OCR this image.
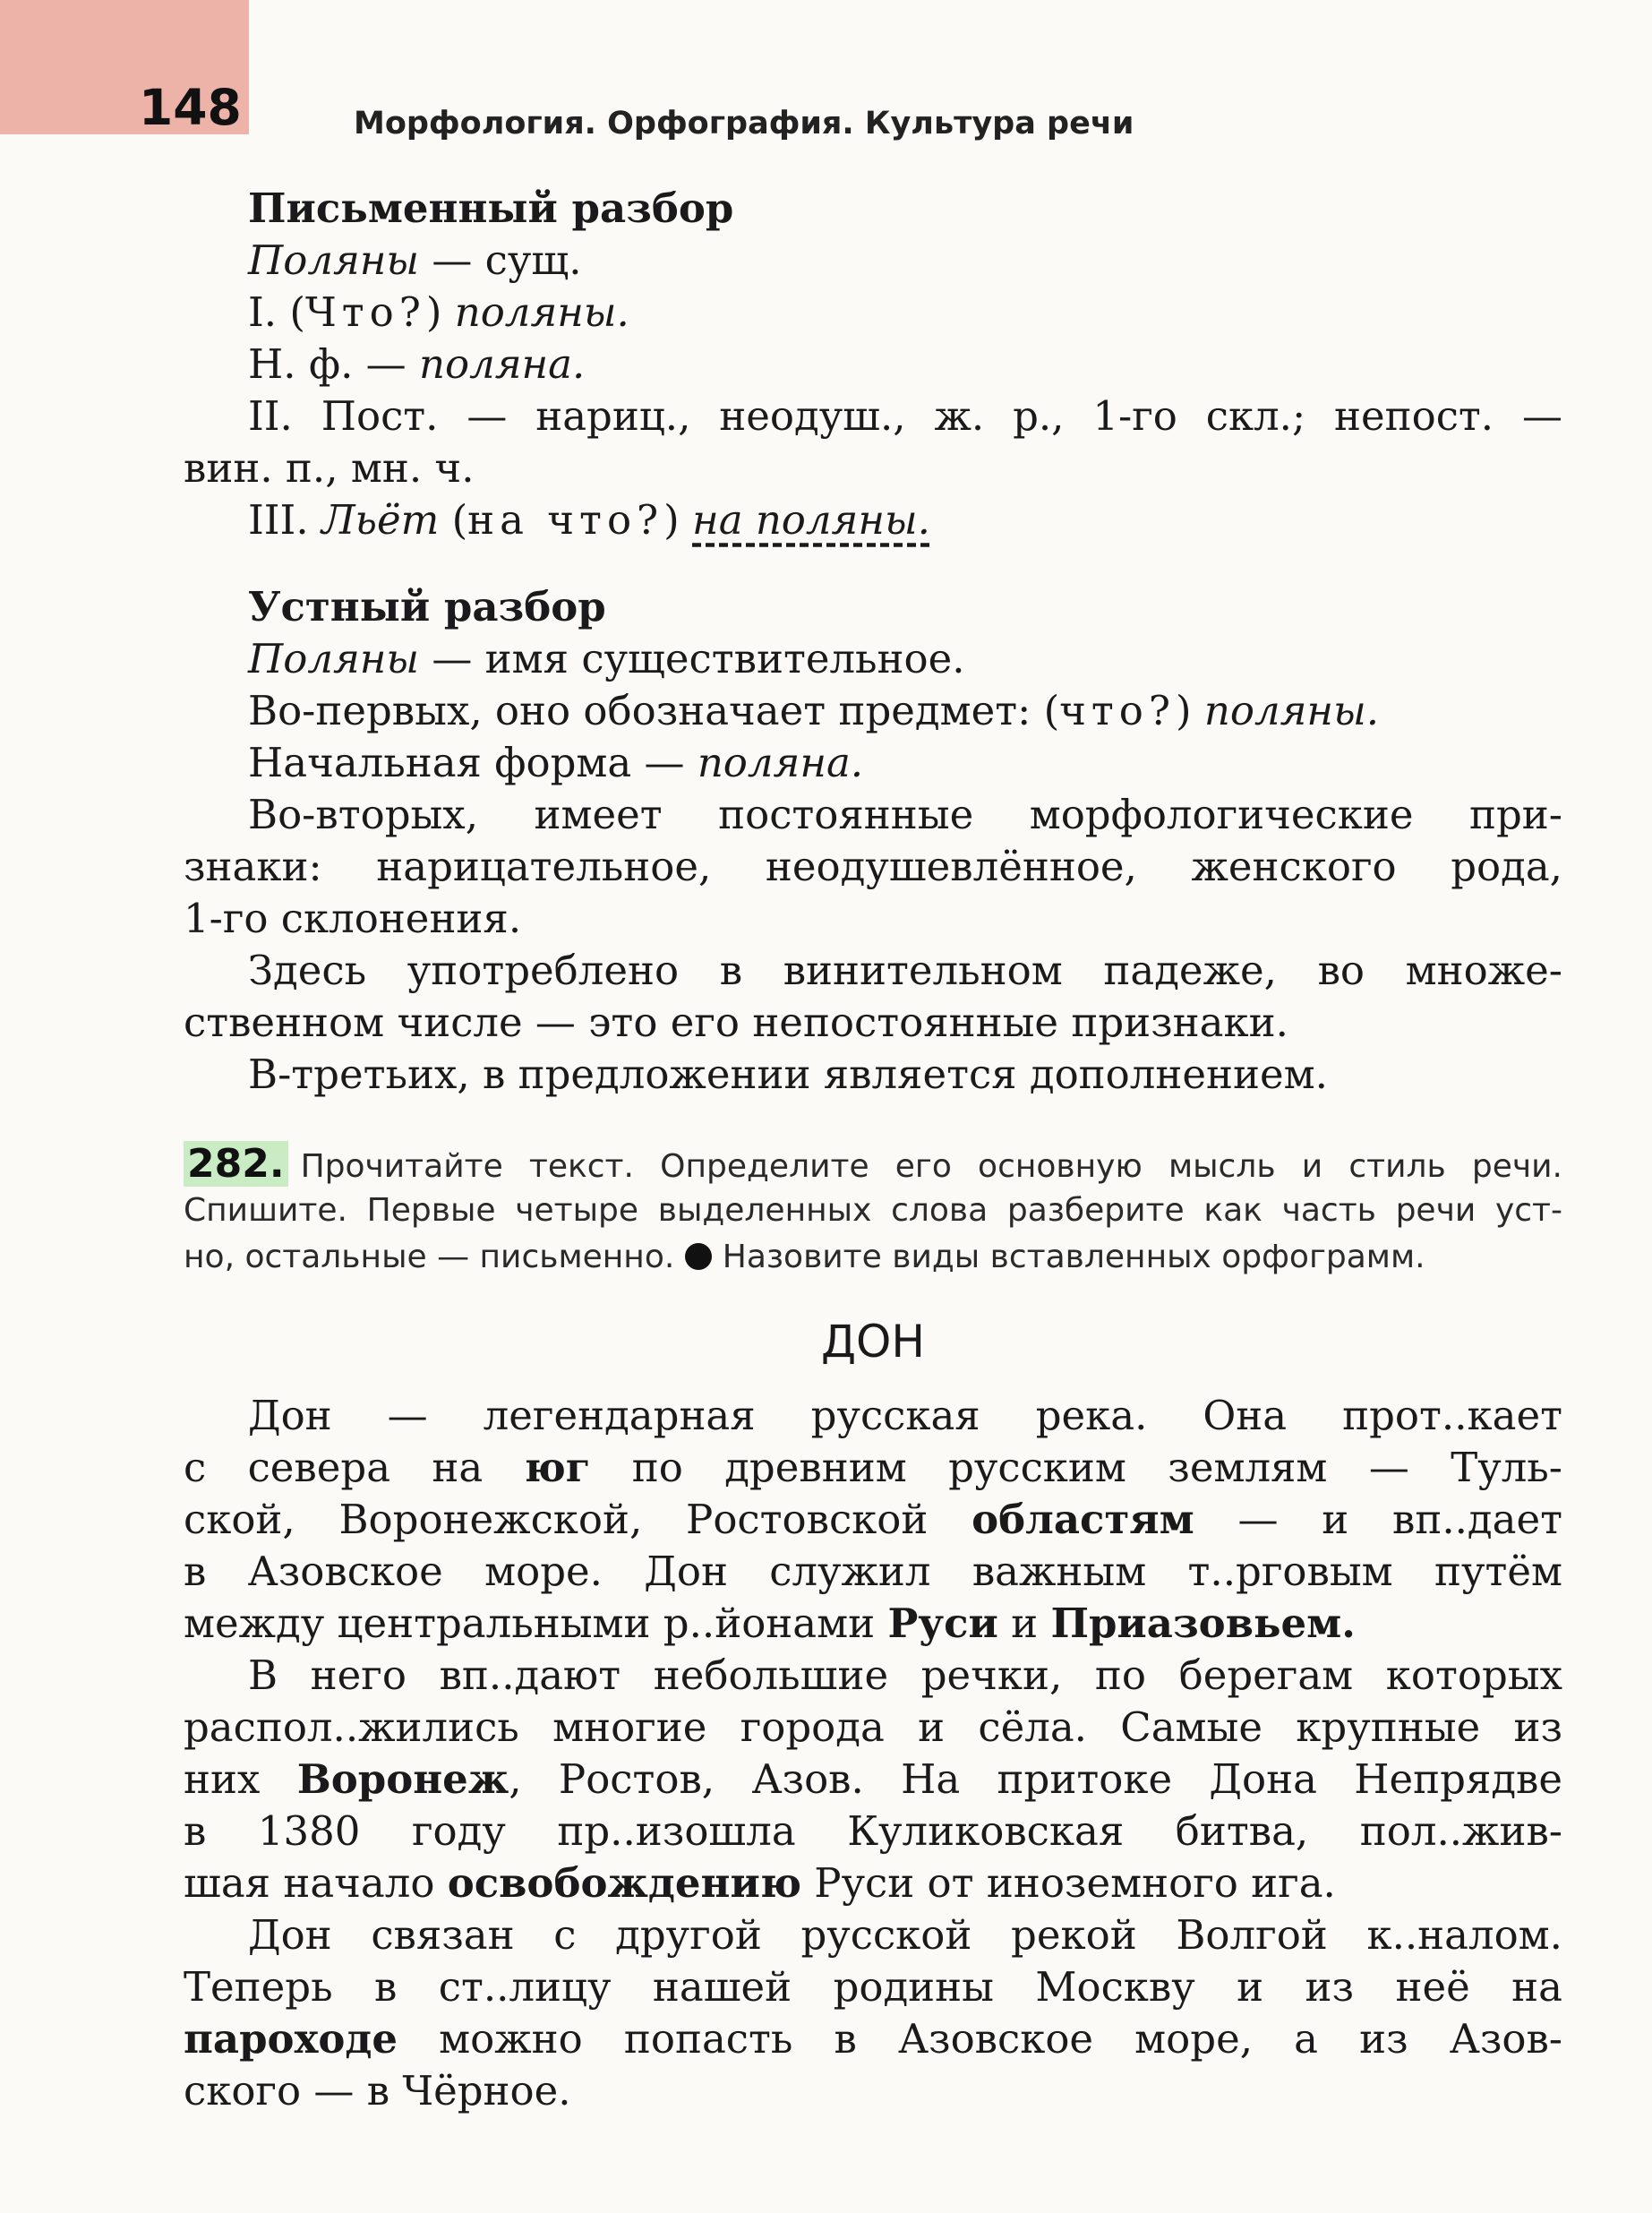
148	Морфология. Орфография. Культура речи
Письменный разбор
Поляны — сущ.
I. (Что?) поляны.
Н. ф. — поляна.
II. Пост. — нариц., неодуш., ж. р., 1-го скл.; непост. —
вин. п., мн. ч.
III. Льёт (на что?) на поляны.
Устный разбор
Поляны — имя существительное.
Во-первых, оно обозначает предмет: (что?) поляны.
Начальная форма — поляна.
Во-вторых, имеет постоянные морфологические при-
знаки: нарицательное, неодушевлённое, женского рода,
1-го склонения.
Здесь употреблено в винительном падеже, во множе-
ственном числе — это его непостоянные признаки.
В-третьих, в предложении является дополнением.
282. Прочитайте текст. Определите его основную мысль и стиль речи.
Спишите. Первые четыре выделенных слова разберите как часть речи уст-
но, остальные — письменно. Назовите виды вставленных орфограмм.
ДОН
Дон — легендарная русская река. Она прот..кает
с севера на юг по древним русским землям — Туль-
ской, Воронежской, Ростовской областям — и вп..дает
в Азовское море. Дон служил важным т..рговым путём
между центральными р..йонами Руси и Приазовьем.
В него вп..дают небольшие речки, по берегам которых
распол..жились многие города и сёла. Самые крупные из
них Воронеж, Ростов, Азов. На притоке Дона Непрядве
в 1380 году пр..изошла Куликовская битва, пол..жив-
шая начало освобождению Руси от иноземного ига.
Дон связан с другой русской рекой Волгой к..налом.
Теперь в ст..лицу нашей родины Москву и из неё на
пароходе можно попасть в Азовское море, а из Азов-
ского — в Чёрное.
